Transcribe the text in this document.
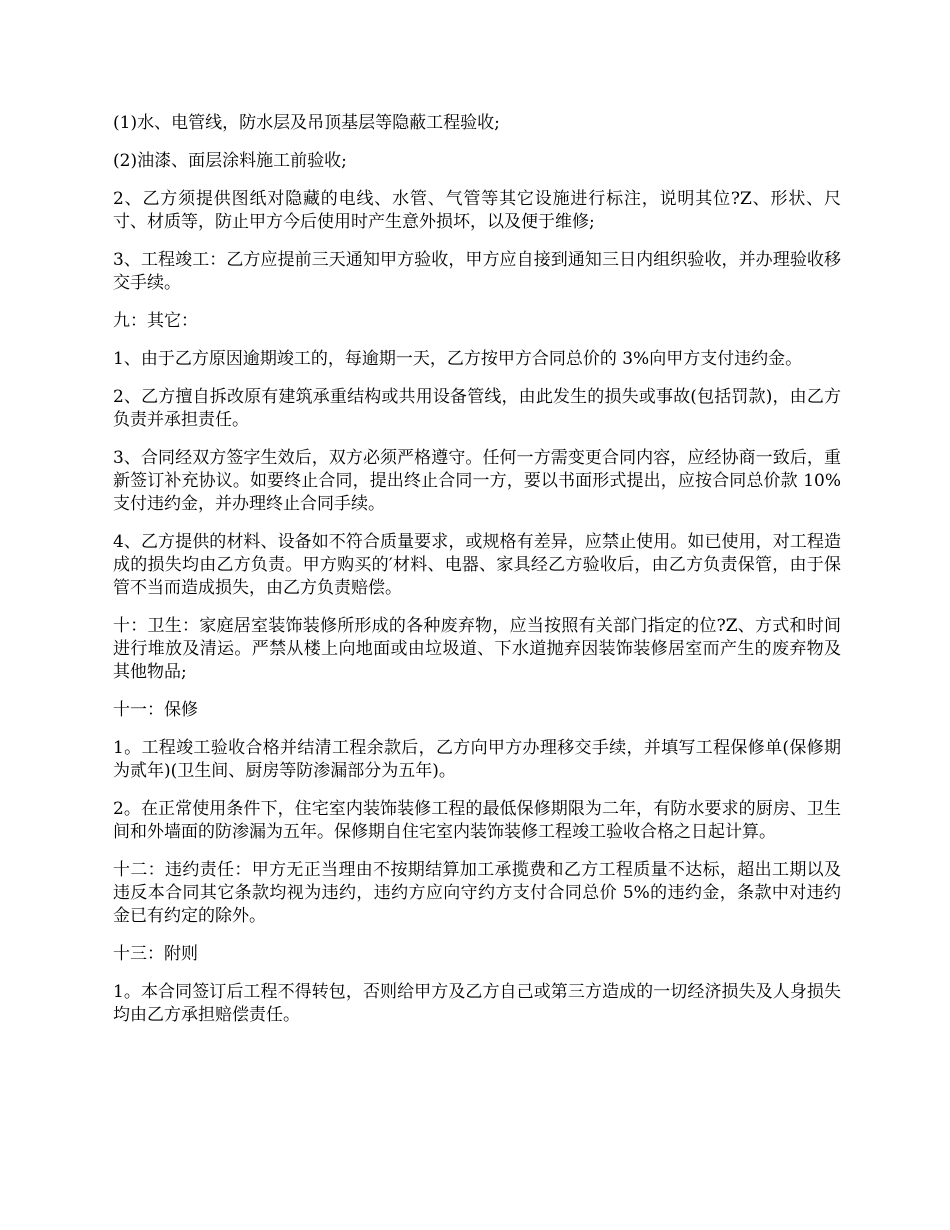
(1)水、电管线，防水层及吊顶基层等隐蔽工程验收;

(2)油漆、面层涂料施工前验收;

2、乙方须提供图纸对隐藏的电线、水管、气管等其它设施进行标注，说明其位?Z、形状、尺寸、材质等，防止甲方今后使用时产生意外损坏，以及便于维修;

3、工程竣工：乙方应提前三天通知甲方验收，甲方应自接到通知三日内组织验收，并办理验收移交手续。

九：其它：

1、由于乙方原因逾期竣工的，每逾期一天，乙方按甲方合同总价的 3%向甲方支付违约金。

2、乙方擅自拆改原有建筑承重结构或共用设备管线，由此发生的损失或事故(包括罚款)，由乙方负责并承担责任。

3、合同经双方签字生效后，双方必须严格遵守。任何一方需变更合同内容，应经协商一致后，重新签订补充协议。如要终止合同，提出终止合同一方，要以书面形式提出，应按合同总价款 10%支付违约金，并办理终止合同手续。

4、乙方提供的材料、设备如不符合质量要求，或规格有差异，应禁止使用。如已使用，对工程造成的损失均由乙方负责。甲方购买的′材料、电器、家具经乙方验收后，由乙方负责保管，由于保管不当而造成损失，由乙方负责赔偿。

十：卫生：家庭居室装饰装修所形成的各种废弃物，应当按照有关部门指定的位?Z、方式和时间进行堆放及清运。严禁从楼上向地面或由垃圾道、下水道抛弃因装饰装修居室而产生的废弃物及其他物品;

十一：保修

1。工程竣工验收合格并结清工程余款后，乙方向甲方办理移交手续，并填写工程保修单(保修期为贰年)(卫生间、厨房等防渗漏部分为五年)。

2。在正常使用条件下，住宅室内装饰装修工程的最低保修期限为二年，有防水要求的厨房、卫生间和外墙面的防渗漏为五年。保修期自住宅室内装饰装修工程竣工验收合格之日起计算。

十二：违约责任：甲方无正当理由不按期结算加工承揽费和乙方工程质量不达标，超出工期以及违反本合同其它条款均视为违约，违约方应向守约方支付合同总价 5%的违约金，条款中对违约金已有约定的除外。

十三：附则

1。本合同签订后工程不得转包，否则给甲方及乙方自己或第三方造成的一切经济损失及人身损失均由乙方承担赔偿责任。
